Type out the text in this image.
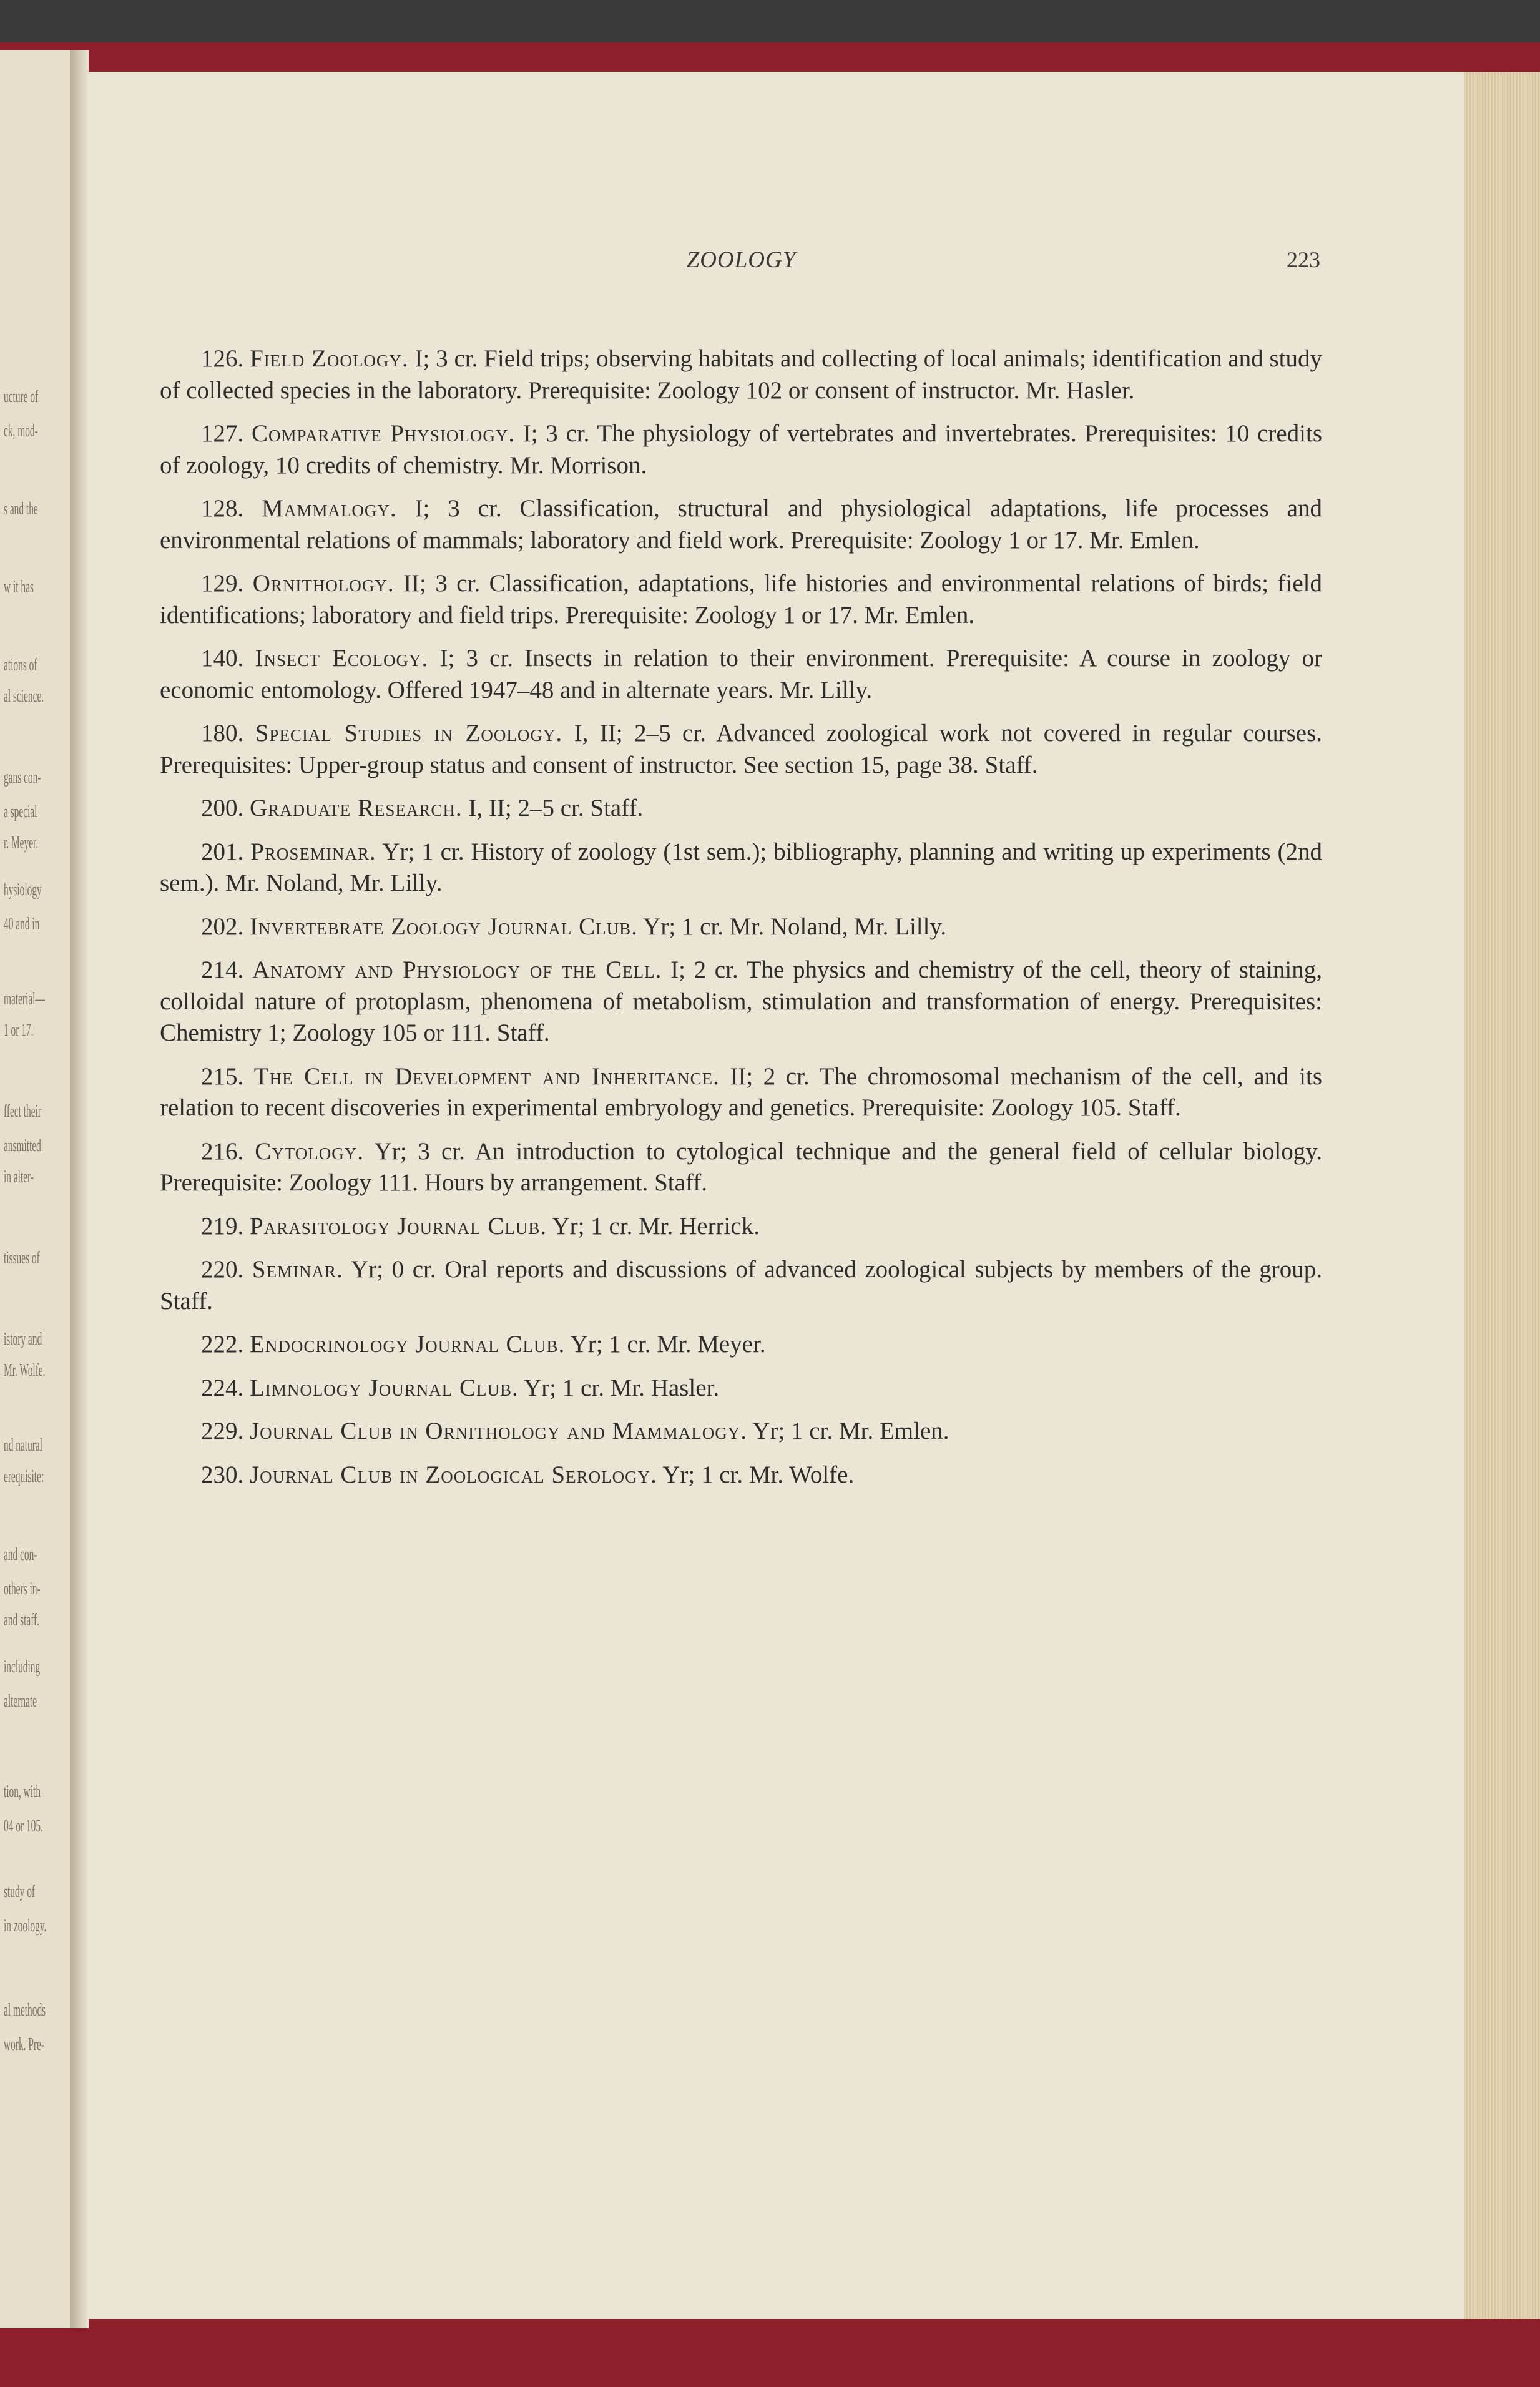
ucture of
ck, mod-
s and the
w it has
ations of
al science.
gans con-
a special
r. Meyer.
hysiology
40 and in
material—
1 or 17.
ffect their
ansmitted
in alter-
tissues of
istory and
Mr. Wolfe.
nd natural
erequisite:
and con-
others in-
and staff.
including
alternate
tion, with
04 or 105.
study of
in zoology.
al methods
work. Pre-
ZOOLOGY	223

126. Field Zoology. I; 3 cr. Field trips; observing habitats and collecting of local animals; identification and study of collected species in the laboratory. Prerequisite: Zoology 102 or consent of instructor. Mr. Hasler.

127. Comparative Physiology. I; 3 cr. The physiology of vertebrates and invertebrates. Prerequisites: 10 credits of zoology, 10 credits of chemistry. Mr. Morrison.

128. Mammalogy. I; 3 cr. Classification, structural and physiological adaptations, life processes and environmental relations of mammals; laboratory and field work. Prerequisite: Zoology 1 or 17. Mr. Emlen.

129. Ornithology. II; 3 cr. Classification, adaptations, life histories and environmental relations of birds; field identifications; laboratory and field trips. Prerequisite: Zoology 1 or 17. Mr. Emlen.

140. Insect Ecology. I; 3 cr. Insects in relation to their environment. Prerequisite: A course in zoology or economic entomology. Offered 1947–48 and in alternate years. Mr. Lilly.

180. Special Studies in Zoology. I, II; 2–5 cr. Advanced zoological work not covered in regular courses. Prerequisites: Upper-group status and consent of instructor. See section 15, page 38. Staff.

200. Graduate Research. I, II; 2–5 cr. Staff.

201. Proseminar. Yr; 1 cr. History of zoology (1st sem.); bibliography, planning and writing up experiments (2nd sem.). Mr. Noland, Mr. Lilly.

202. Invertebrate Zoology Journal Club. Yr; 1 cr. Mr. Noland, Mr. Lilly.

214. Anatomy and Physiology of the Cell. I; 2 cr. The physics and chemistry of the cell, theory of staining, colloidal nature of protoplasm, phenomena of metabolism, stimulation and transformation of energy. Prerequisites: Chemistry 1; Zoology 105 or 111. Staff.

215. The Cell in Development and Inheritance. II; 2 cr. The chromosomal mechanism of the cell, and its relation to recent discoveries in experimental embryology and genetics. Prerequisite: Zoology 105. Staff.

216. Cytology. Yr; 3 cr. An introduction to cytological technique and the general field of cellular biology. Prerequisite: Zoology 111. Hours by arrangement. Staff.

219. Parasitology Journal Club. Yr; 1 cr. Mr. Herrick.

220. Seminar. Yr; 0 cr. Oral reports and discussions of advanced zoological subjects by members of the group. Staff.

222. Endocrinology Journal Club. Yr; 1 cr. Mr. Meyer.

224. Limnology Journal Club. Yr; 1 cr. Mr. Hasler.

229. Journal Club in Ornithology and Mammalogy. Yr; 1 cr. Mr. Emlen.

230. Journal Club in Zoological Serology. Yr; 1 cr. Mr. Wolfe.
